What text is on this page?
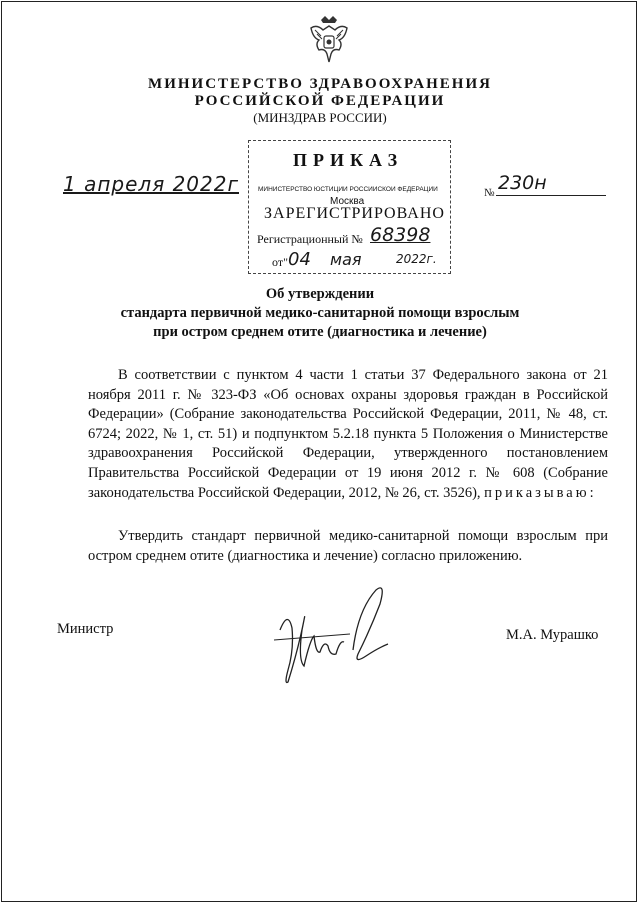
МИНИСТЕРСТВО ЗДРАВООХРАНЕНИЯ
РОССИЙСКОЙ ФЕДЕРАЦИИ
(МИНЗДРАВ РОССИИ)
1 апреля 2022г
ПРИКАЗ
МИНИСТЕРСТВО ЮСТИЦИИ РОССИЙСКОЙ ФЕДЕРАЦИИ
Москва
ЗАРЕГИСТРИРОВАНО
Регистрационный № 68398
от" 04 мая	2022г.
№ 230н
Об утверждении
стандарта первичной медико-санитарной помощи взрослым
при остром среднем отите (диагностика и лечение)
В соответствии с пунктом 4 части 1 статьи 37 Федерального закона от 21 ноября 2011 г. № 323-ФЗ «Об основах охраны здоровья граждан в Российской Федерации» (Собрание законодательства Российской Федерации, 2011, № 48, ст. 6724; 2022, № 1, ст. 51) и подпунктом 5.2.18 пункта 5 Положения о Министерстве здравоохранения Российской Федерации, утвержденного постановлением Правительства Российской Федерации от 19 июня 2012 г. № 608 (Собрание законодательства Российской Федерации, 2012, № 26, ст. 3526), приказываю:
Утвердить стандарт первичной медико-санитарной помощи взрослым при остром среднем отите (диагностика и лечение) согласно приложению.
Министр	М.А. Мурашко
